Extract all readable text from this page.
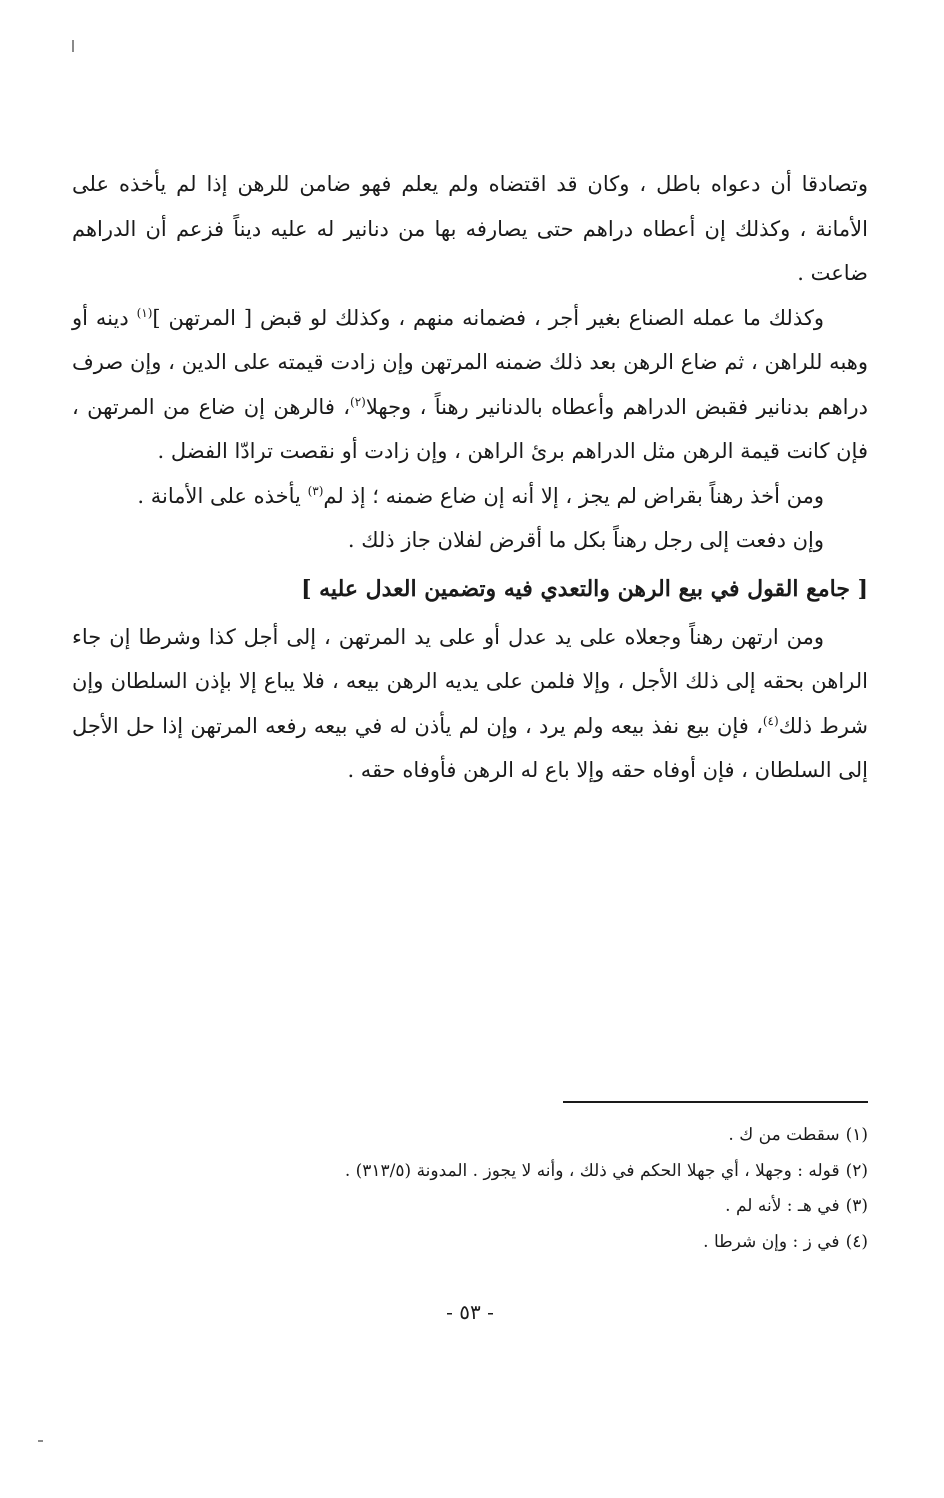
وتصادقا أن دعواه باطل ، وكان قد اقتضاه ولم يعلم فهو ضامن للرهن إذا لم يأخذه على الأمانة ، وكذلك إن أعطاه دراهم حتى يصارفه بها من دنانير له عليه ديناً فزعم أن الدراهم ضاعت .

وكذلك ما عمله الصناع بغير أجر ، فضمانه منهم ، وكذلك لو قبض [ المرتهن ]$^{(١)}$ دينه أو وهبه للراهن ، ثم ضاع الرهن بعد ذلك ضمنه المرتهن وإن زادت قيمته على الدين ، وإن صرف دراهم بدنانير فقبض الدراهم وأعطاه بالدنانير رهناً ، وجهلا$^{(٢)}$، فالرهن إن ضاع من المرتهن ، فإن كانت قيمة الرهن مثل الدراهم برئ الراهن ، وإن زادت أو نقصت ترادّا الفضل .

ومن أخذ رهناً بقراض لم يجز ، إلا أنه إن ضاع ضمنه ؛ إذ لم$^{(٣)}$ يأخذه على الأمانة .

وإن دفعت إلى رجل رهناً بكل ما أقرض لفلان جاز ذلك .

[ جامع القول في بيع الرهن والتعدي فيه وتضمين العدل عليه ]

ومن ارتهن رهناً وجعلاه على يد عدل أو على يد المرتهن ، إلى أجل كذا وشرطا إن جاء الراهن بحقه إلى ذلك الأجل ، وإلا فلمن على يديه الرهن بيعه ، فلا يباع إلا بإذن السلطان وإن شرط ذلك$^{(٤)}$، فإن بيع نفذ بيعه ولم يرد ، وإن لم يأذن له في بيعه رفعه المرتهن إذا حل الأجل إلى السلطان ، فإن أوفاه حقه وإلا باع له الرهن فأوفاه حقه .

(١)سقطت من ك .
(٢)قوله : وجهلا ، أي جهلا الحكم في ذلك ، وأنه لا يجوز . المدونة (٣١٣/٥) .
(٣)في هـ : لأنه لم .
(٤)في ز : وإن شرطا .
- ٥٣ -
